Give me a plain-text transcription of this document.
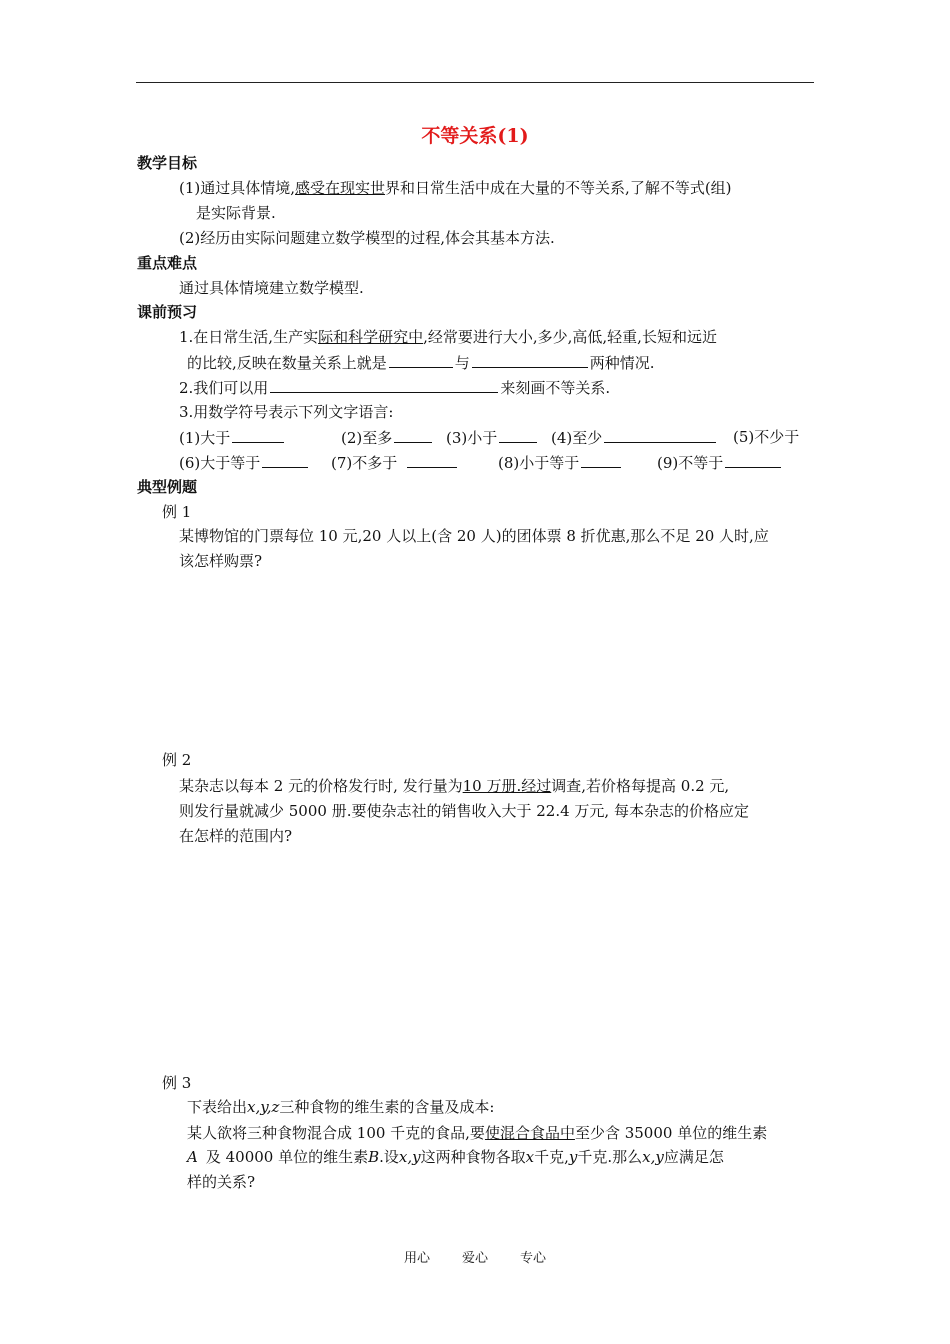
不等关系(1)
教学目标
(1)通过具体情境,感受在现实世界和日常生活中成在大量的不等关系,了解不等式(组)
是实际背景.
(2)经历由实际问题建立数学模型的过程,体会其基本方法.
重点难点
通过具体情境建立数学模型.
课前预习
1.在日常生活,生产实际和科学研究中,经常要进行大小,多少,高低,轻重,长短和远近
的比较,反映在数量关系上就是	与	两种情况.
2.我们可以用	来刻画不等关系.
3.用数学符号表示下列文字语言:
(1)大于	(2)至多	(3)小于	(4)至少	(5)不少于
(6)大于等于	(7)不多于	(8)小于等于	(9)不等于
典型例题
例 1
某博物馆的门票每位 10 元,20 人以上(含 20 人)的团体票 8 折优惠,那么不足 20 人时,应
该怎样购票?
例 2
某杂志以每本 2 元的价格发行时, 发行量为10 万册.经过调查,若价格每提高 0.2 元,
则发行量就减少 5000 册.要使杂志社的销售收入大于 22.4 万元, 每本杂志的价格应定
在怎样的范围内?
例 3
下表给出x,y,z三种食物的维生素的含量及成本:
某人欲将三种食物混合成 100 千克的食品,要使混合食品中至少含 35000 单位的维生素
A 及 40000 单位的维生素B.设x,y这两种食物各取x千克,y千克.那么x,y应满足怎
样的关系?
用心 爱心 专心
